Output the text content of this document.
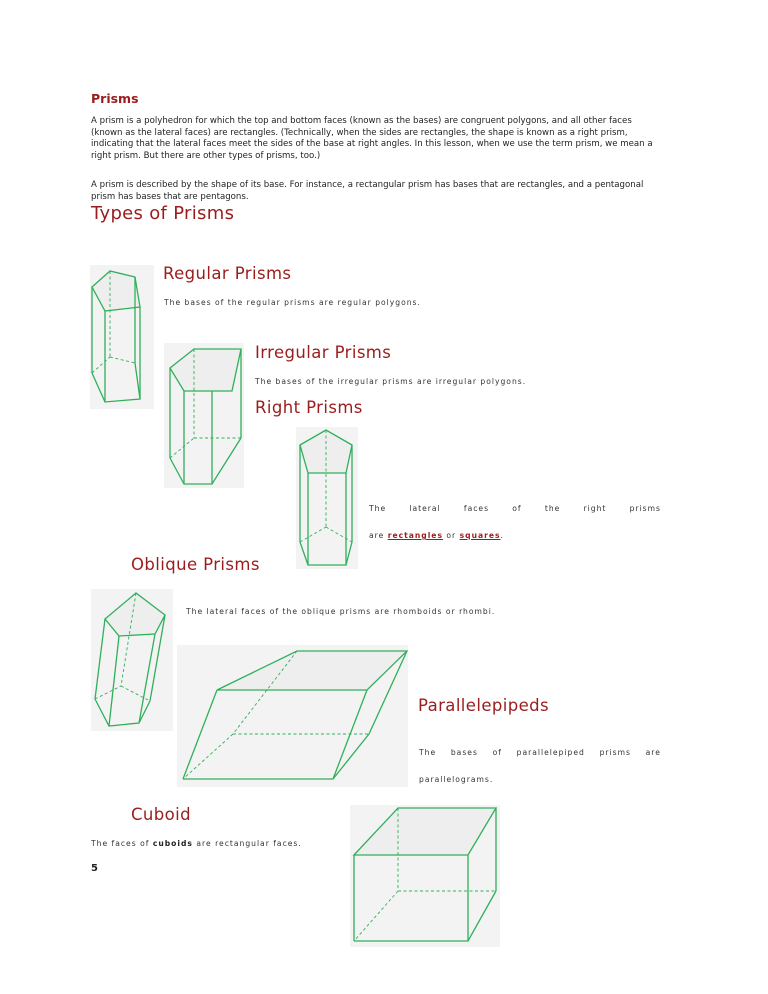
Prisms
A prism is a polyhedron for which the top and bottom faces (known as the bases) are congruent polygons, and all other faces
(known as the lateral faces) are rectangles. (Technically, when the sides are rectangles, the shape is known as a right prism,
indicating that the lateral faces meet the sides of the base at right angles. In this lesson, when we use the term prism, we mean a
right prism. But there are other types of prisms, too.)
A prism is described by the shape of its base. For instance, a rectangular prism has bases that are rectangles, and a pentagonal
prism has bases that are pentagons.
Types of Prisms
Regular Prisms
The bases of the regular prisms are regular polygons.
Irregular Prisms
The bases of the irregular prisms are irregular polygons.
Right Prisms
The	lateral	faces	of	the	right	prisms
are rectangles or squares.
Oblique Prisms
The lateral faces of the oblique prisms are rhomboids or rhombi.
Parallelepipeds
The bases of parallelepiped prisms are
parallelograms.
Cuboid
The faces of cuboids are rectangular faces.
5
